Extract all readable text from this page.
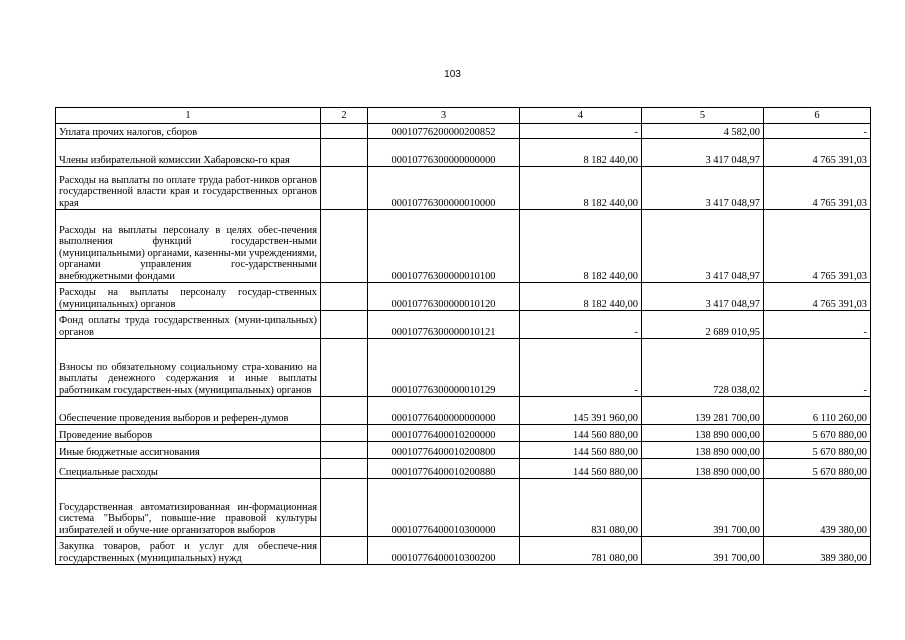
103
1	2	3	4	5	6
Уплата прочих налогов, сборов		00010776200000200852	-	4 582,00	-
Члены избирательной комиссии Хабаровско-го края		00010776300000000000	8 182 440,00	3 417 048,97	4 765 391,03
Расходы на выплаты по оплате труда работ-ников органов государственной власти края и государственных органов края		00010776300000010000	8 182 440,00	3 417 048,97	4 765 391,03
Расходы на выплаты персоналу в целях обес-печения выполнения функций государствен-ными (муниципальными) органами, казенны-ми учреждениями, органами управления гос-ударственными внебюджетными фондами		00010776300000010100	8 182 440,00	3 417 048,97	4 765 391,03
Расходы на выплаты персоналу государ-ственных (муниципальных) органов		00010776300000010120	8 182 440,00	3 417 048,97	4 765 391,03
Фонд оплаты труда государственных (муни-ципальных) органов		00010776300000010121	-	2 689 010,95	-
Взносы по обязательному социальному стра-хованию на выплаты денежного содержания и иные выплаты работникам государствен-ных (муниципальных) органов		00010776300000010129	-	728 038,02	-
Обеспечение проведения выборов и референ-думов		00010776400000000000	145 391 960,00	139 281 700,00	6 110 260,00
Проведение выборов		00010776400010200000	144 560 880,00	138 890 000,00	5 670 880,00
Иные бюджетные ассигнования		00010776400010200800	144 560 880,00	138 890 000,00	5 670 880,00
Специальные расходы		00010776400010200880	144 560 880,00	138 890 000,00	5 670 880,00
Государственная автоматизированная ин-формационная система "Выборы", повыше-ние правовой культуры избирателей и обуче-ние организаторов выборов		00010776400010300000	831 080,00	391 700,00	439 380,00
Закупка товаров, работ и услуг для обеспече-ния государственных (муниципальных) нужд		00010776400010300200	781 080,00	391 700,00	389 380,00
